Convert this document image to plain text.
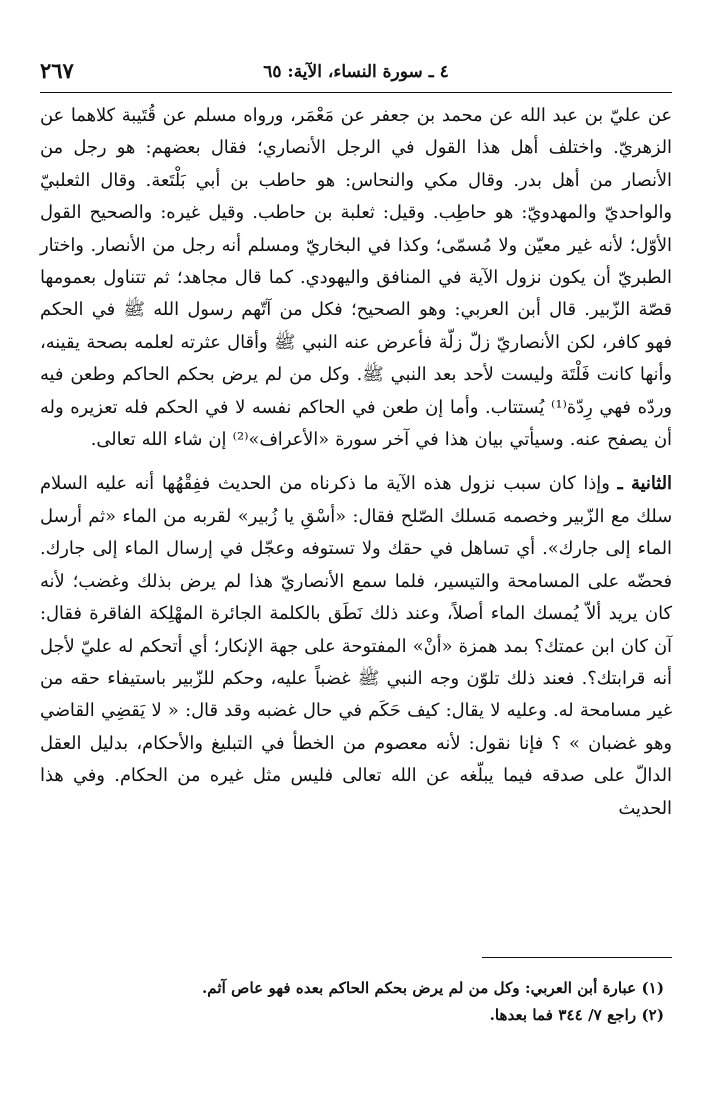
٤ ـ سورة النساء، الآية: ٦٥
٢٦٧

عن عليّ بن عبد الله عن محمد بن جعفر عن مَعْمَر، ورواه مسلم عن قُتَيبة كلاهما عن الزهريّ. واختلف أهل هذا القول في الرجل الأنصاري؛ فقال بعضهم: هو رجل من الأنصار من أهل بدر. وقال مكي والنحاس: هو حاطب بن أبي بَلْتَعة. وقال الثعلبيّ والواحديّ والمهدويّ: هو حاطِب. وقيل: ثعلبة بن حاطب. وقيل غيره: والصحيح القول الأوّل؛ لأنه غير معيّن ولا مُسمّى؛ وكذا في البخاريّ ومسلم أنه رجل من الأنصار. واختار الطبريّ أن يكون نزول الآية في المنافق واليهودي. كما قال مجاهد؛ ثم تتناول بعمومها قصّة الزّبير. قال أبن العربي: وهو الصحيح؛ فكل من آتّهم رسول الله ﷺ في الحكم فهو كافر، لكن الأنصاريّ زلّ زلّة فأعرض عنه النبي ﷺ وأقال عثرته لعلمه بصحة يقينه، وأنها كانت فَلْتَة وليست لأحد بعد النبي ﷺ. وكل من لم يرض بحكم الحاكم وطعن فيه وردّه فهي رِدّة⁽¹⁾ يُستتاب. وأما إن طعن في الحاكم نفسه لا في الحكم فله تعزيره وله أن يصفح عنه. وسيأتي بيان هذا في آخر سورة «الأعراف»⁽²⁾ إن شاء الله تعالى.

الثانية ـ وإذا كان سبب نزول هذه الآية ما ذكرناه من الحديث ففِقْهُها أنه عليه السلام سلك مع الزّبير وخصمه مَسلك الصّلح فقال: «أسْقِ يا زُبير» لقربه من الماء «ثم أرسل الماء إلى جارك». أي تساهل في حقك ولا تستوفه وعجّل في إرسال الماء إلى جارك. فحضّه على المسامحة والتيسير، فلما سمع الأنصاريّ هذا لم يرض بذلك وغضب؛ لأنه كان يريد ألاّ يُمسك الماء أصلاً، وعند ذلك نَطَق بالكلمة الجائرة المهْلِكة الفاقرة فقال: آن كان ابن عمتك؟ بمد همزة «أنْ» المفتوحة على جهة الإنكار؛ أي أتحكم له عليّ لأجل أنه قرابتك؟. فعند ذلك تلوّن وجه النبي ﷺ غضباً عليه، وحكم للزّبير باستيفاء حقه من غير مسامحة له. وعليه لا يقال: كيف حَكَم في حال غضبه وقد قال: « لا يَقضِي القاضي وهو غضبان » ؟ فإنا نقول: لأنه معصوم من الخطأ في التبليغ والأحكام، بدليل العقل الدالّ على صدقه فيما يبلّغه عن الله تعالى فليس مثل غيره من الحكام. وفي هذا الحديث

(١) عبارة أبن العربي: وكل من لم يرض بحكم الحاكم بعده فهو عاص آثم.

(٢) راجع ٧/ ٣٤٤ فما بعدها.
